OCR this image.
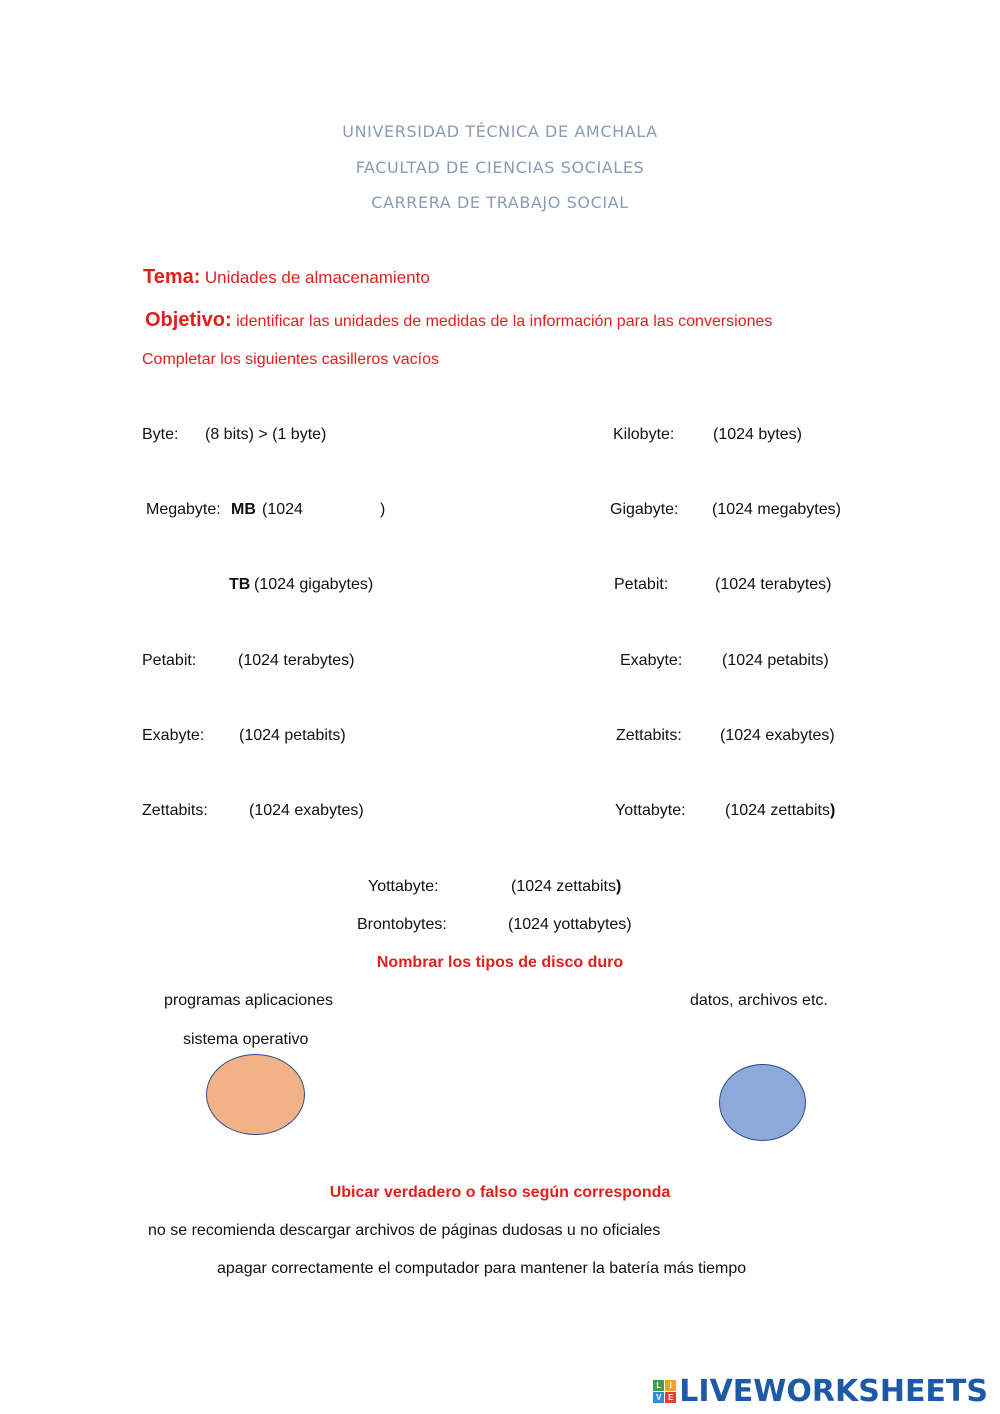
UNIVERSIDAD TÉCNICA DE AMCHALA
FACULTAD DE CIENCIAS SOCIALES
CARRERA DE TRABAJO SOCIAL
Tema: Unidades de almacenamiento
Objetivo: identificar las unidades de medidas de la información para las conversiones
Completar los siguientes casilleros vacíos
Byte: (8 bits) > (1 byte)	Kilobyte: (1024 bytes)
Megabyte: MB (1024	)	Gigabyte: (1024 megabytes)
TB (1024 gigabytes)	Petabit:	(1024 terabytes)
Petabit:	(1024 terabytes)	Exabyte: (1024 petabits)
Exabyte: (1024 petabits)	Zettabits: (1024 exabytes)
Zettabits:	(1024 exabytes)	Yottabyte: (1024 zettabits)
Yottabyte:	(1024 zettabits)
Brontobytes:	(1024 yottabytes)
Nombrar los tipos de disco duro
programas aplicaciones	datos, archivos etc.
sistema operativo
Ubicar verdadero o falso según corresponda
no se recomienda descargar archivos de páginas dudosas u no oficiales
apagar correctamente el computador para mantener la batería más tiempo
L	I
V E LIVEWORKSHEETS
